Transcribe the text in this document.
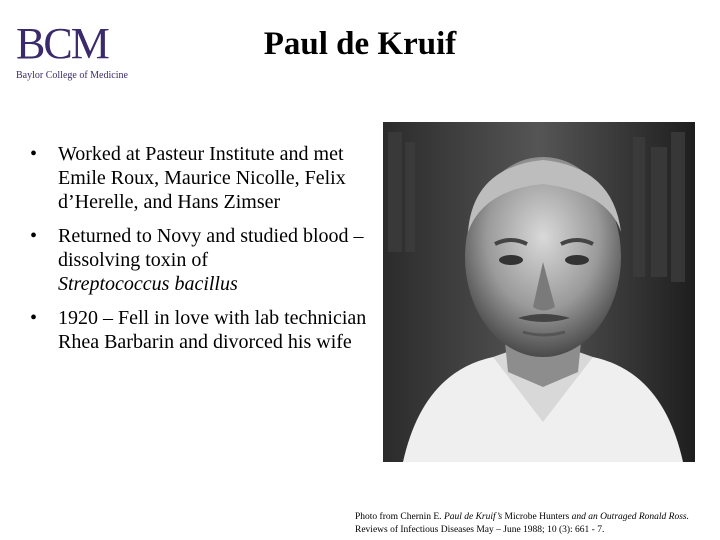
BCM
Baylor College of Medicine
Paul de Kruif
• Worked at Pasteur Institute and met Emile Roux, Maurice Nicolle, Felix d’Herelle, and Hans Zimser
• Returned to Novy and studied blood – dissolving toxin of
Streptococcus bacillus
• 1920 – Fell in love with lab technician Rhea Barbarin and divorced his wife
Photo from Chernin E. Paul de Kruif’s Microbe Hunters and an Outraged Ronald Ross.
Reviews of Infectious Diseases May – June 1988; 10 (3): 661 - 7.
